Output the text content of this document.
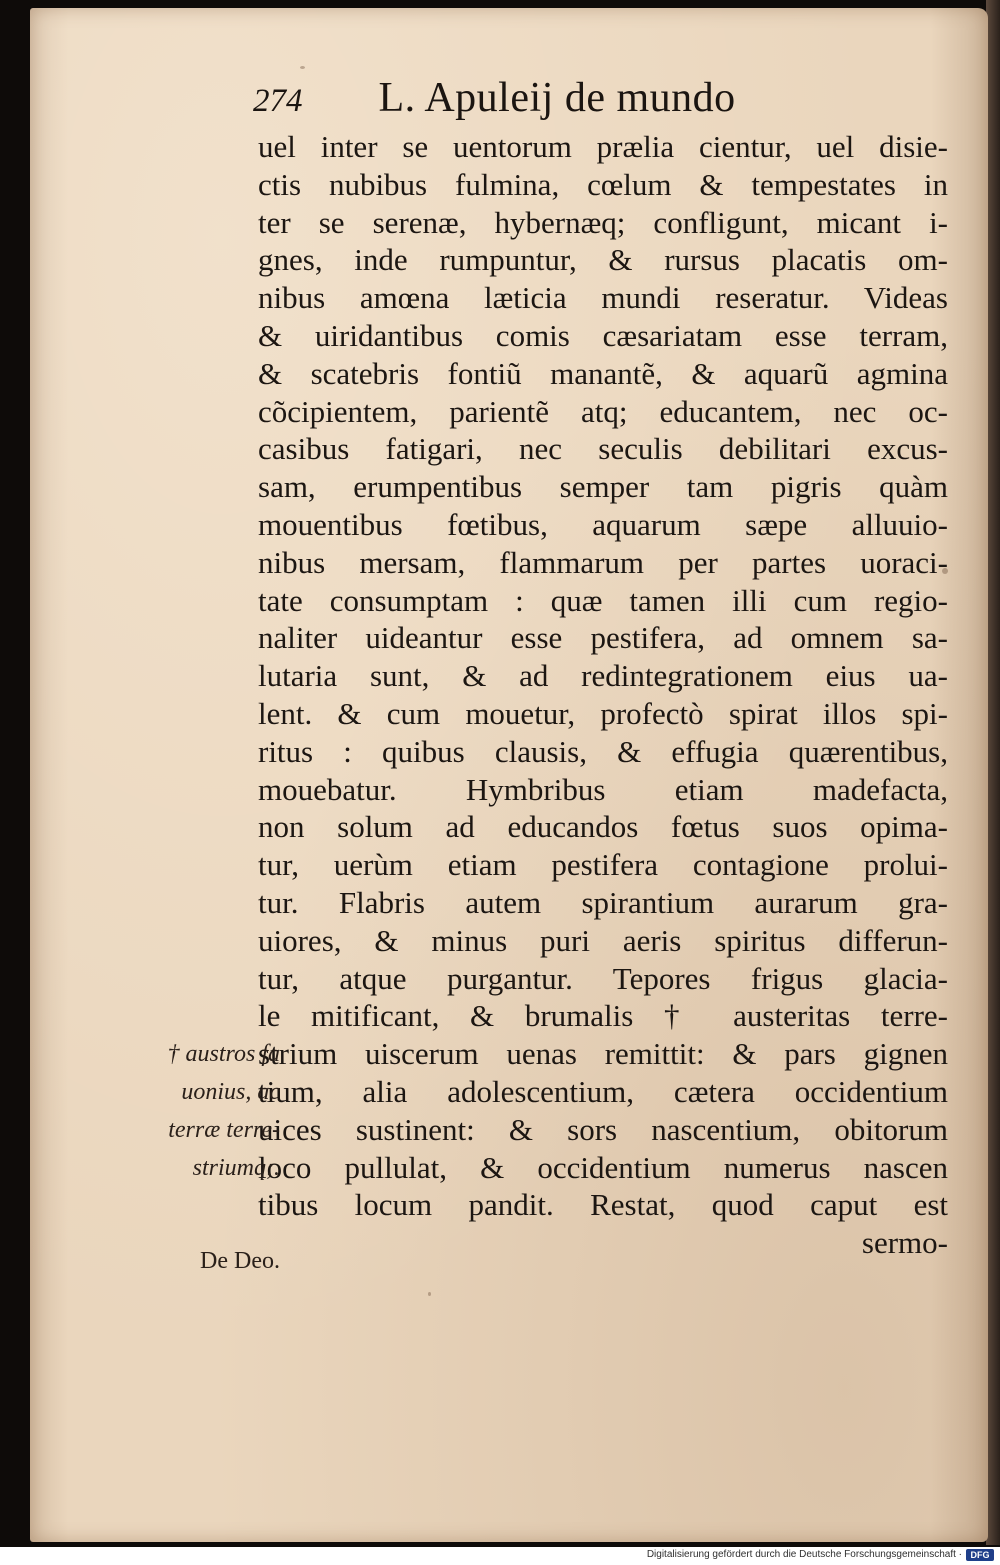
274 L. Apuleij de mundo
uel inter se uentorum prælia cientur, uel disie-
ctis nubibus fulmina, cœlum & tempestates in
ter se serenæ, hybernæq; confligunt, micant i-
gnes, inde rumpuntur, & rursus placatis om-
nibus amœna læticia mundi reseratur. Videas
& uiridantibus comis cæsariatam esse terram,
& scatebris fontiũ manantẽ, & aquarũ agmina
cõcipientem, parientẽ atq; educantem, nec oc-
casibus fatigari, nec seculis debilitari excus-
sam, erumpentibus semper tam pigris quàm
mouentibus fœtibus, aquarum sæpe alluuio-
nibus mersam, flammarum per partes uoraci-
tate consumptam : quæ tamen illi cum regio-
naliter uideantur esse pestifera, ad omnem sa-
lutaria sunt, & ad redintegrationem eius ua-
lent. & cum mouetur, profectò spirat illos spi-
ritus : quibus clausis, & effugia quærentibus,
mouebatur. Hymbribus etiam madefacta,
non solum ad educandos fœtus suos opima-
tur, uerùm etiam pestifera contagione prolui-
tur. Flabris autem spirantium aurarum gra-
uiores, & minus puri aeris spiritus differun-
tur, atque purgantur. Tepores frigus glacia-
le mitificant, & brumalis † austeritas terre-
strium uiscerum uenas remittit: & pars gignen
tium, alia adolescentium, cætera occidentium
uices sustinent: & sors nascentium, obitorum
loco pullulat, & occidentium numerus nascen
tibus locum pandit. Restat, quod caput est
sermo-
† austros fa
uonius, ac
terræ terre-
striumq;.
De Deo.
Digitalisierung gefördert durch die Deutsche Forschungsgemeinschaft · DFG
